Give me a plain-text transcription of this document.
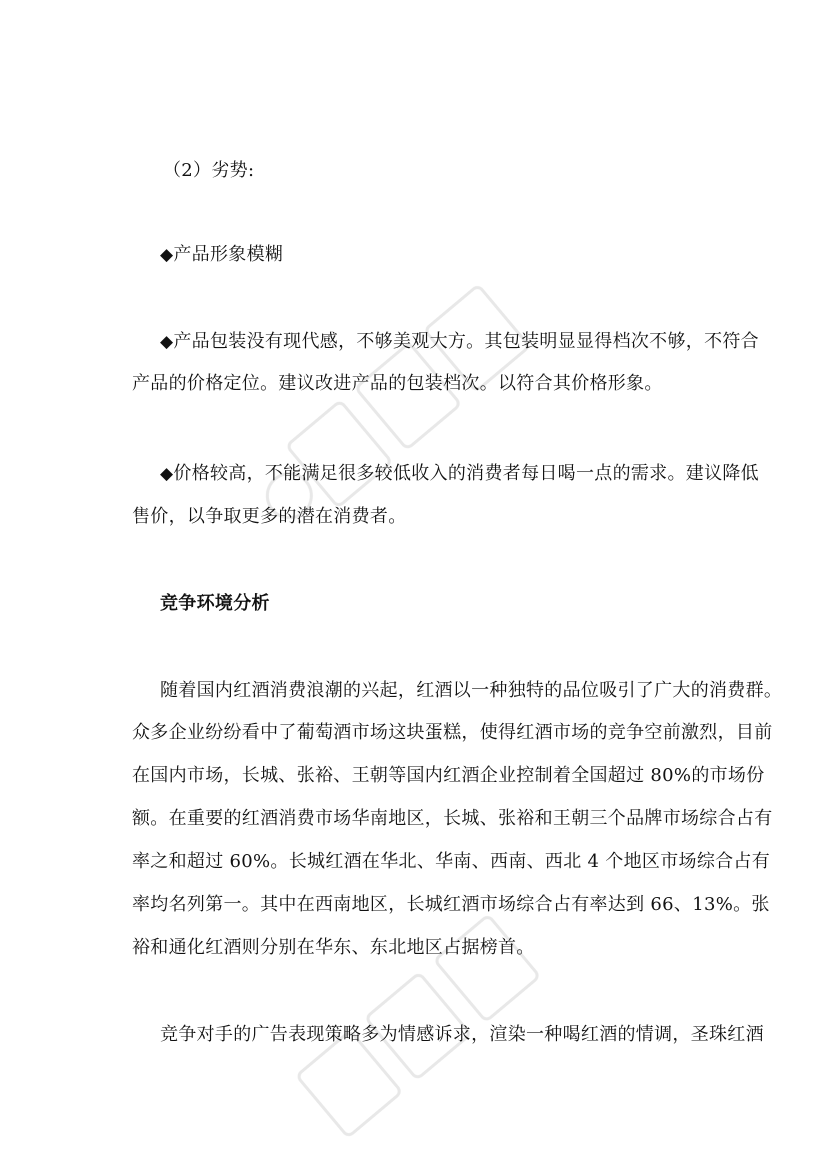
（2）劣势:
◆产品形象模糊
◆产品包装没有现代感，不够美观大方。其包装明显显得档次不够，不符合
产品的价格定位。建议改进产品的包装档次。以符合其价格形象。
◆价格较高，不能满足很多较低收入的消费者每日喝一点的需求。建议降低
售价，以争取更多的潜在消费者。
竞争环境分析
随着国内红酒消费浪潮的兴起，红酒以一种独特的品位吸引了广大的消费群。
众多企业纷纷看中了葡萄酒市场这块蛋糕，使得红酒市场的竞争空前激烈，目前
在国内市场，长城、张裕、王朝等国内红酒企业控制着全国超过 80%的市场份
额。在重要的红酒消费市场华南地区，长城、张裕和王朝三个品牌市场综合占有
率之和超过 60%。长城红酒在华北、华南、西南、西北 4 个地区市场综合占有
率均名列第一。其中在西南地区，长城红酒市场综合占有率达到 66、13%。张
裕和通化红酒则分别在华东、东北地区占据榜首。
竞争对手的广告表现策略多为情感诉求，渲染一种喝红酒的情调，圣珠红酒
